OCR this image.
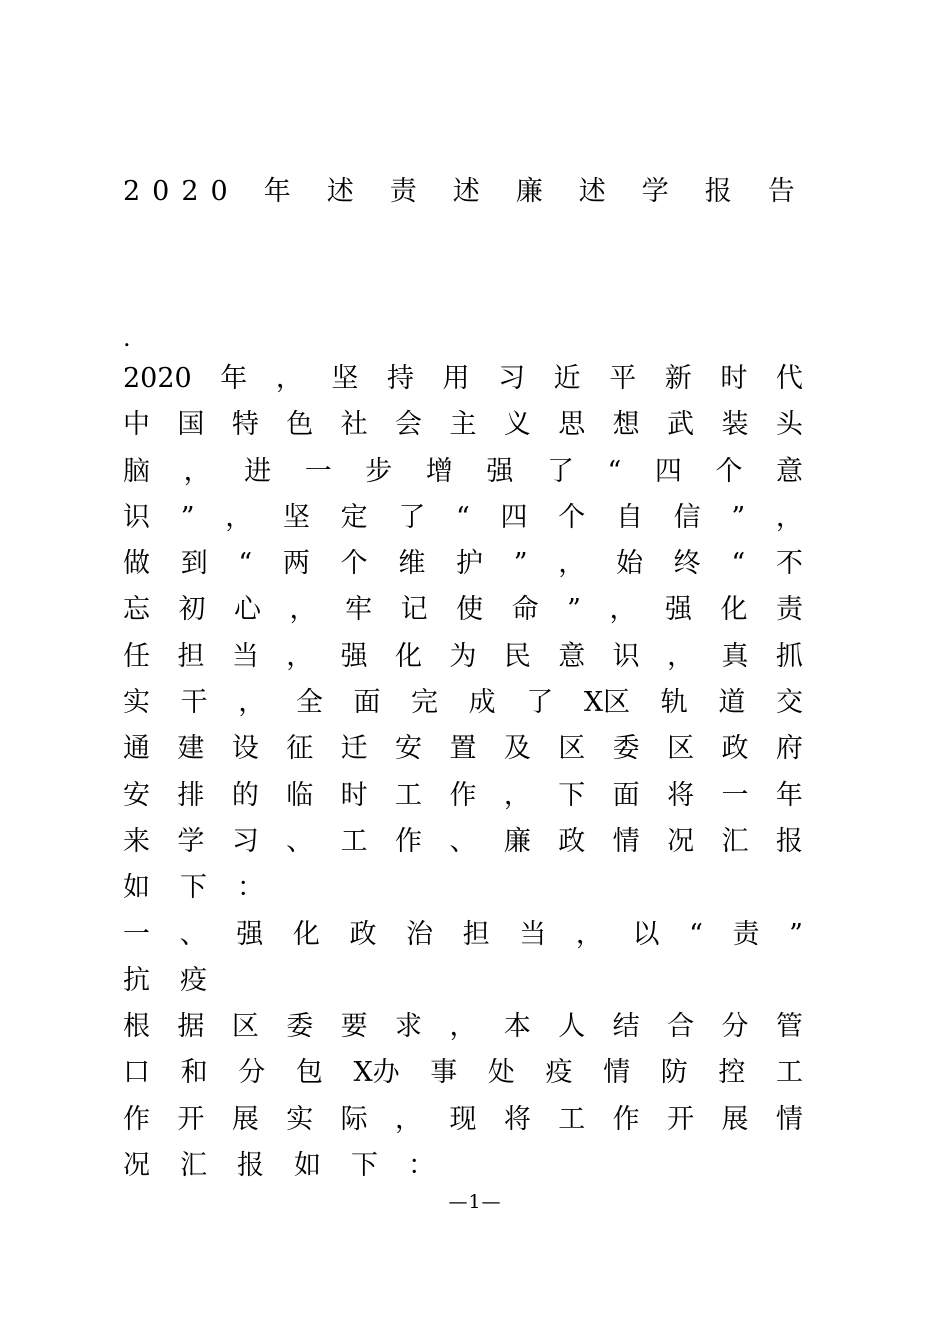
2020 年 述 责 述 廉 述 学 报 告
.
2020 年 ， 坚 持 用 习 近 平 新 时 代
中 国 特 色 社 会 主 义 思 想 武 装 头
脑 ， 进 一 步 增 强 了 “ 四 个 意
识 ” ， 坚 定 了 “ 四 个 自 信 ” ，
做 到 “ 两 个 维 护 ” ， 始 终 “ 不
忘 初 心 ， 牢 记 使 命 ” ， 强 化 责
任 担 当 ， 强 化 为 民 意 识 ， 真 抓
实 干 ， 全 面 完 成 了 X区 轨 道 交
通 建 设 征 迁 安 置 及 区 委 区 政 府
安 排 的 临 时 工 作 ， 下 面 将 一 年
来 学 习 、 工 作 、 廉 政 情 况 汇 报
如 下 ：
一 、 强 化 政 治 担 当 ， 以 “ 责 ”
抗 疫
根 据 区 委 要 求 ， 本 人 结 合 分 管
口 和 分 包 X办 事 处 疫 情 防 控 工
作 开 展 实 际 ， 现 将 工 作 开 展 情
况 汇 报 如 下 ：
—1—
